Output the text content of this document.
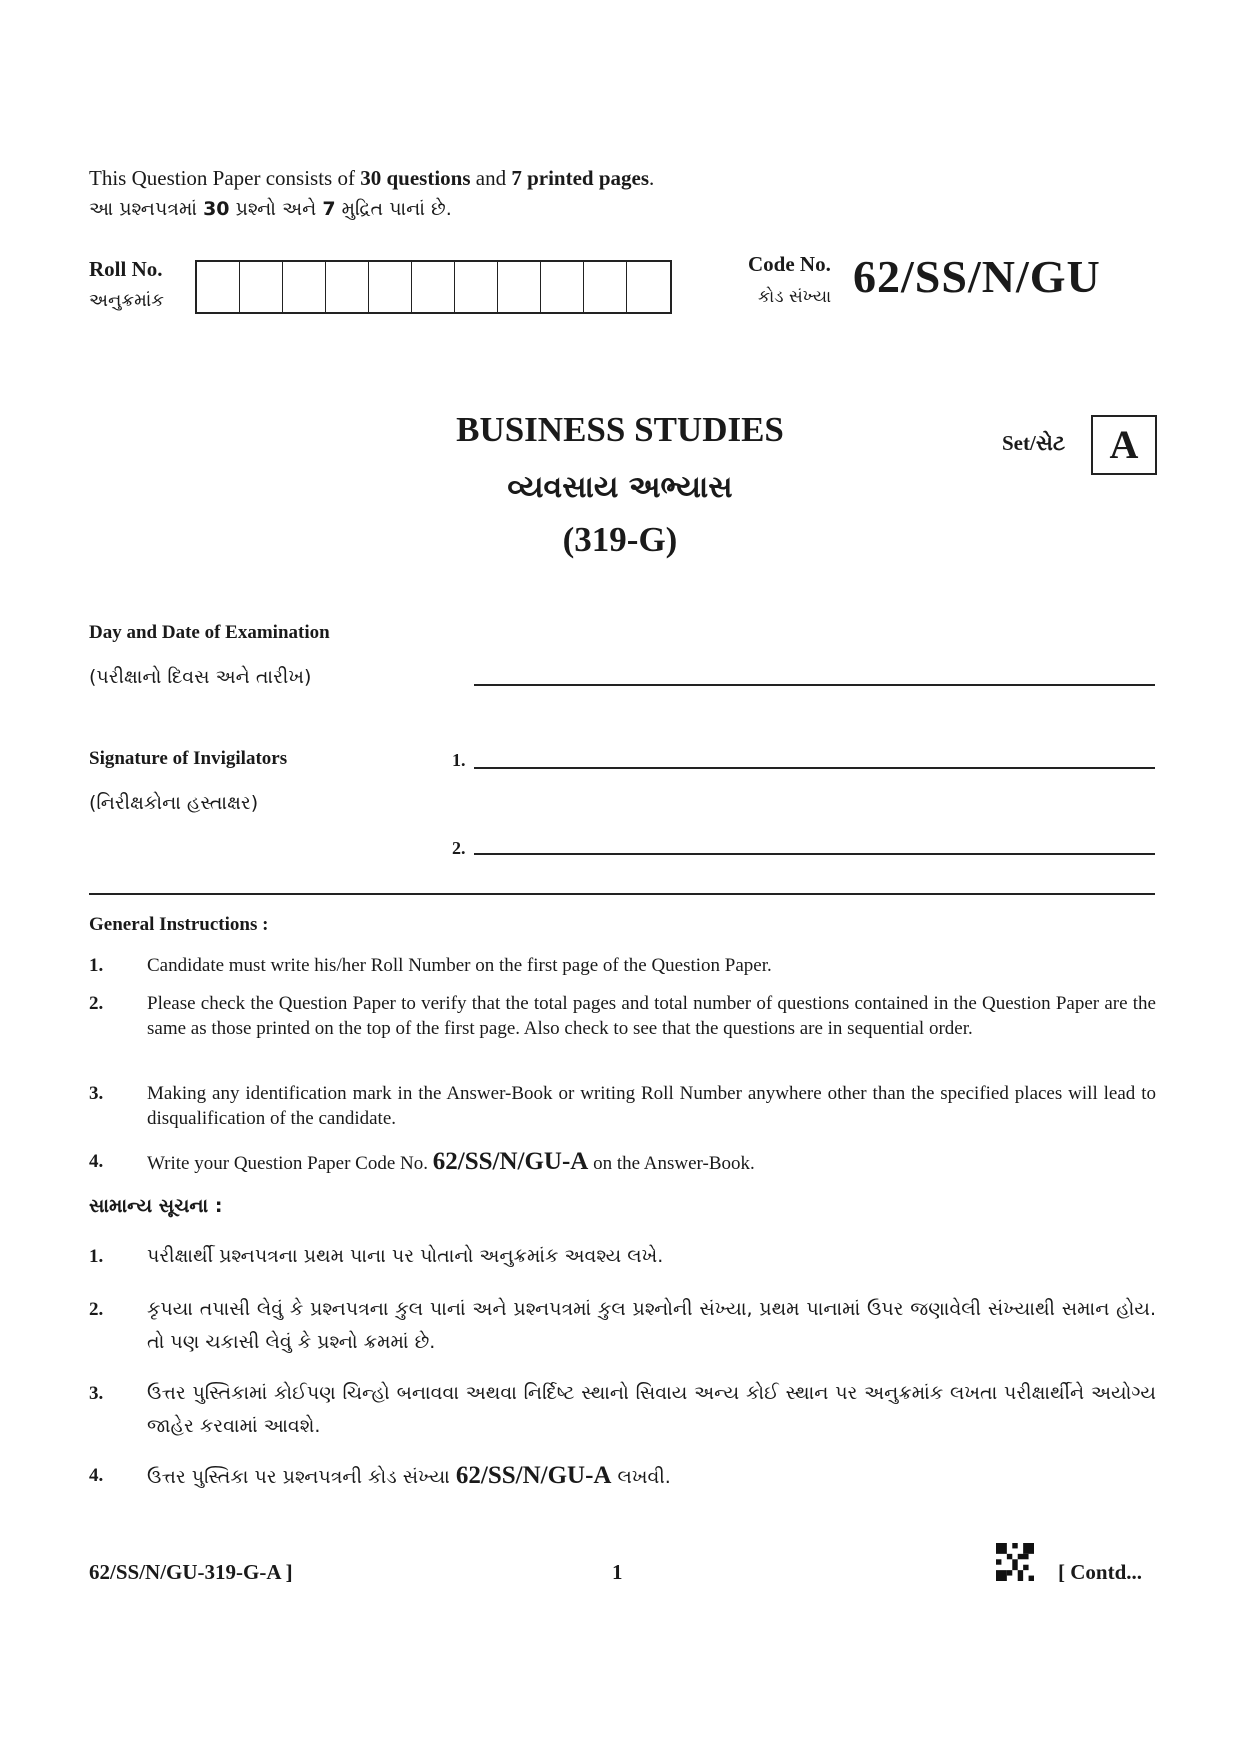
This Question Paper consists of 30 questions and 7 printed pages.
આ પ્રશ્નપત્રમાં 30 પ્રશ્નો અને 7 મુદ્રિત પાનાં છે.
Roll No.
અનુક્રમાંક
Code No.
કોડ સંખ્યા 62/SS/N/GU
BUSINESS STUDIES
વ્યવસાય અભ્યાસ
(319-G)
Set/સેટ	A
Day and Date of Examination
(પરીક્ષાનો દિવસ અને તારીખ)
Signature of Invigilators
(નિરીક્ષકોના હસ્તાક્ષર)
1.
2.
General Instructions :
1. Candidate must write his/her Roll Number on the first page of the Question Paper.
2. Please check the Question Paper to verify that the total pages and total number of questions contained in the Question Paper are the same as those printed on the top of the first page. Also check to see that the questions are in sequential order.
3. Making any identification mark in the Answer-Book or writing Roll Number anywhere other than the specified places will lead to disqualification of the candidate.
4. Write your Question Paper Code No. 62/SS/N/GU-A on the Answer-Book.
સામાન્ય સૂચના :
1. પરીક્ષાર્થી પ્રશ્નપત્રના પ્રથમ પાના પર પોતાનો અનુક્રમાંક અવશ્ય લખે.
2. કૃપયા તપાસી લેવું કે પ્રશ્નપત્રના કુલ પાનાં અને પ્રશ્નપત્રમાં કુલ પ્રશ્નોની સંખ્યા, પ્રથમ પાનામાં ઉપર જણાવેલી સંખ્યાથી સમાન હોય. તો પણ ચકાસી લેવું કે પ્રશ્નો ક્રમમાં છે.
3. ઉત્તર પુસ્તિકામાં કોઈપણ ચિન્હો બનાવવા અથવા નિર્દિષ્ટ સ્થાનો સિવાય અન્ય કોઈ સ્થાન પર અનુક્રમાંક લખતા પરીક્ષાર્થીને અયોગ્ય જાહેર કરવામાં આવશે.
4. ઉત્તર પુસ્તિકા પર પ્રશ્નપત્રની કોડ સંખ્યા 62/SS/N/GU-A લખવી.
62/SS/N/GU-319-G-A ]	1	[ Contd...
